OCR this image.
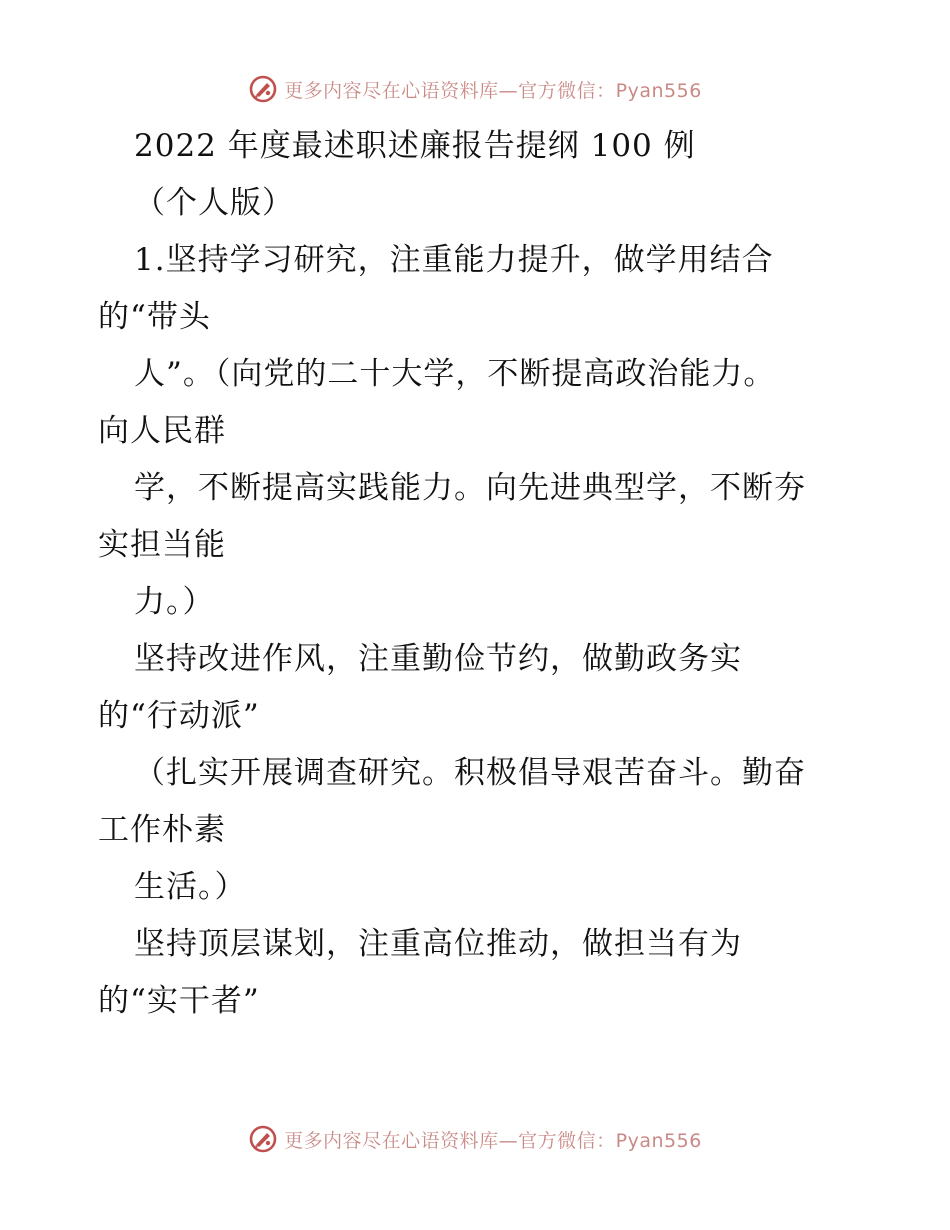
更多内容尽在心语资料库—官方微信：Pyan556
2022 年度最述职述廉报告提纲 100 例
（个人版）
1.坚持学习研究，注重能力提升，做学用结合
的“带头
人”。（向党的二十大学，不断提高政治能力。
向人民群
学，不断提高实践能力。向先进典型学，不断夯
实担当能
力。）
坚持改进作风，注重勤俭节约，做勤政务实
的“行动派”
（扎实开展调查研究。积极倡导艰苦奋斗。勤奋
工作朴素
生活。）
坚持顶层谋划，注重高位推动，做担当有为
的“实干者”
更多内容尽在心语资料库—官方微信：Pyan556
